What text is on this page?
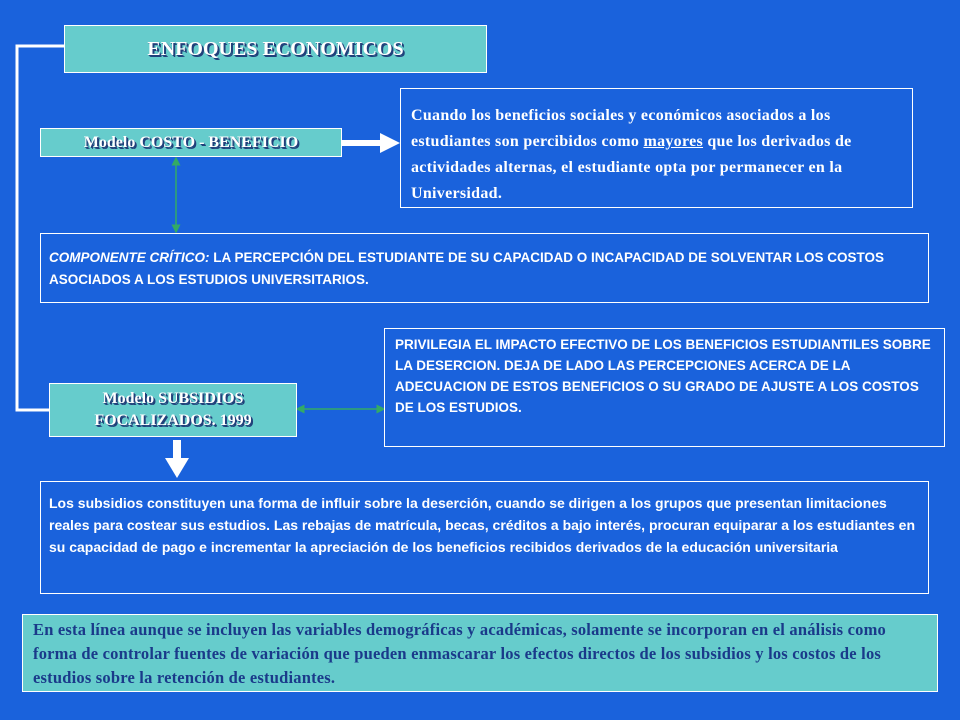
ENFOQUES ECONOMICOS
Modelo COSTO - BENEFICIO
Cuando los beneficios sociales y económicos asociados a los estudiantes son percibidos como mayores que los derivados de actividades alternas, el estudiante opta por permanecer en la Universidad.
COMPONENTE CRÍTICO: LA PERCEPCIÓN DEL ESTUDIANTE DE SU CAPACIDAD O INCAPACIDAD DE SOLVENTAR LOS COSTOS ASOCIADOS A LOS ESTUDIOS UNIVERSITARIOS.
PRIVILEGIA EL IMPACTO EFECTIVO DE LOS BENEFICIOS ESTUDIANTILES SOBRE LA DESERCION. DEJA DE LADO LAS PERCEPCIONES ACERCA DE LA ADECUACION DE ESTOS BENEFICIOS O SU GRADO DE AJUSTE A LOS COSTOS DE LOS ESTUDIOS.
Modelo SUBSIDIOS
FOCALIZADOS. 1999
Los subsidios constituyen una forma de influir sobre la deserción, cuando se dirigen a los grupos que presentan limitaciones reales para costear sus estudios. Las rebajas de matrícula, becas, créditos a bajo interés, procuran equiparar a los estudiantes en su capacidad de pago e incrementar la apreciación de los beneficios recibidos derivados de la educación universitaria
En esta línea aunque se incluyen las variables demográficas y académicas, solamente se incorporan en el análisis como forma de controlar fuentes de variación que pueden enmascarar los efectos directos de los subsidios y los costos de los estudios sobre la retención de estudiantes.
